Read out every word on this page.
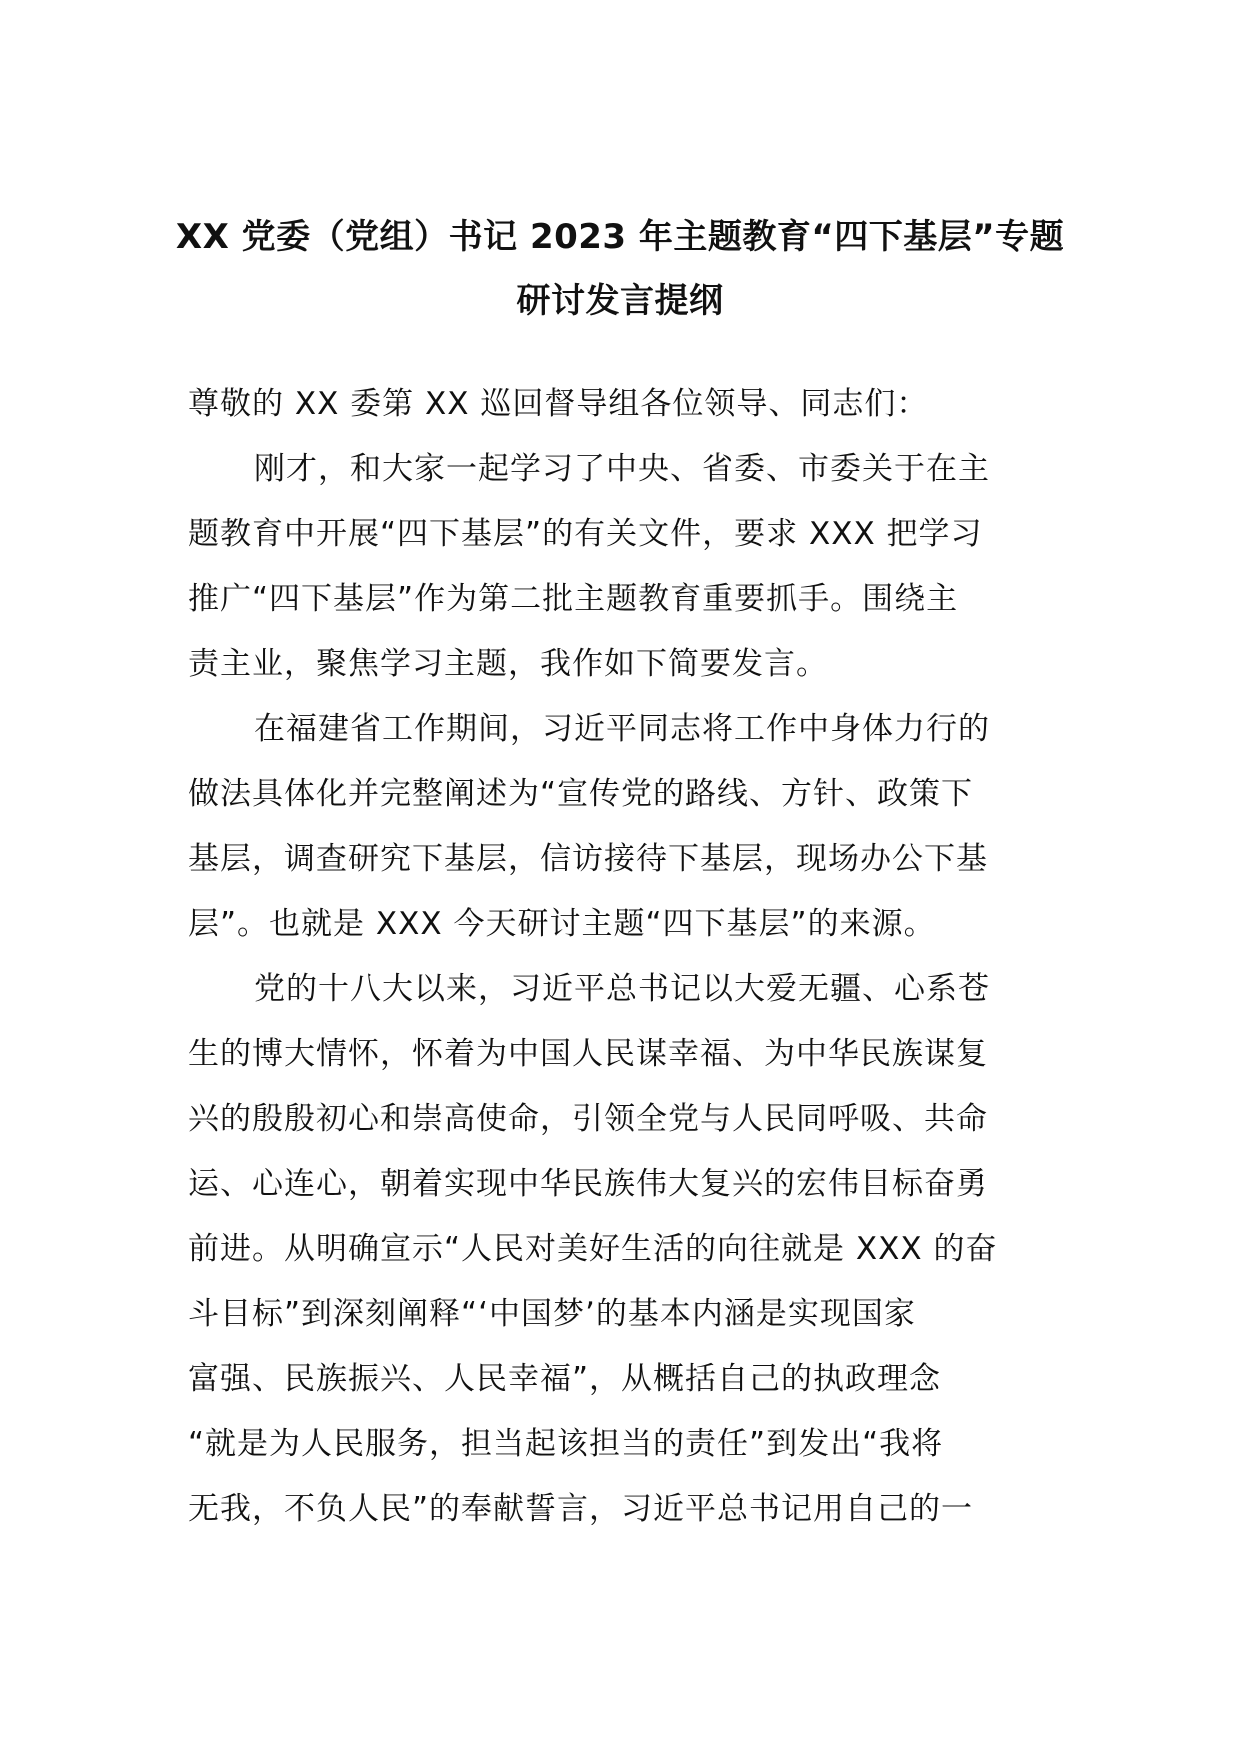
XX 党委（党组）书记 2023 年主题教育“四下基层”专题
研讨发言提纲
尊敬的 XX 委第 XX 巡回督导组各位领导、同志们：
刚才，和大家一起学习了中央、省委、市委关于在主
题教育中开展“四下基层”的有关文件，要求 XXX 把学习
推广“四下基层”作为第二批主题教育重要抓手。围绕主
责主业，聚焦学习主题，我作如下简要发言。
在福建省工作期间，习近平同志将工作中身体力行的
做法具体化并完整阐述为“宣传党的路线、方针、政策下
基层，调查研究下基层，信访接待下基层，现场办公下基
层”。也就是 XXX 今天研讨主题“四下基层”的来源。
党的十八大以来，习近平总书记以大爱无疆、心系苍
生的博大情怀，怀着为中国人民谋幸福、为中华民族谋复
兴的殷殷初心和崇高使命，引领全党与人民同呼吸、共命
运、心连心，朝着实现中华民族伟大复兴的宏伟目标奋勇
前进。从明确宣示“人民对美好生活的向往就是 XXX 的奋
斗目标”到深刻阐释“‘中国梦’的基本内涵是实现国家
富强、民族振兴、人民幸福”，从概括自己的执政理念
“就是为人民服务，担当起该担当的责任”到发出“我将
无我，不负人民”的奉献誓言，习近平总书记用自己的一
